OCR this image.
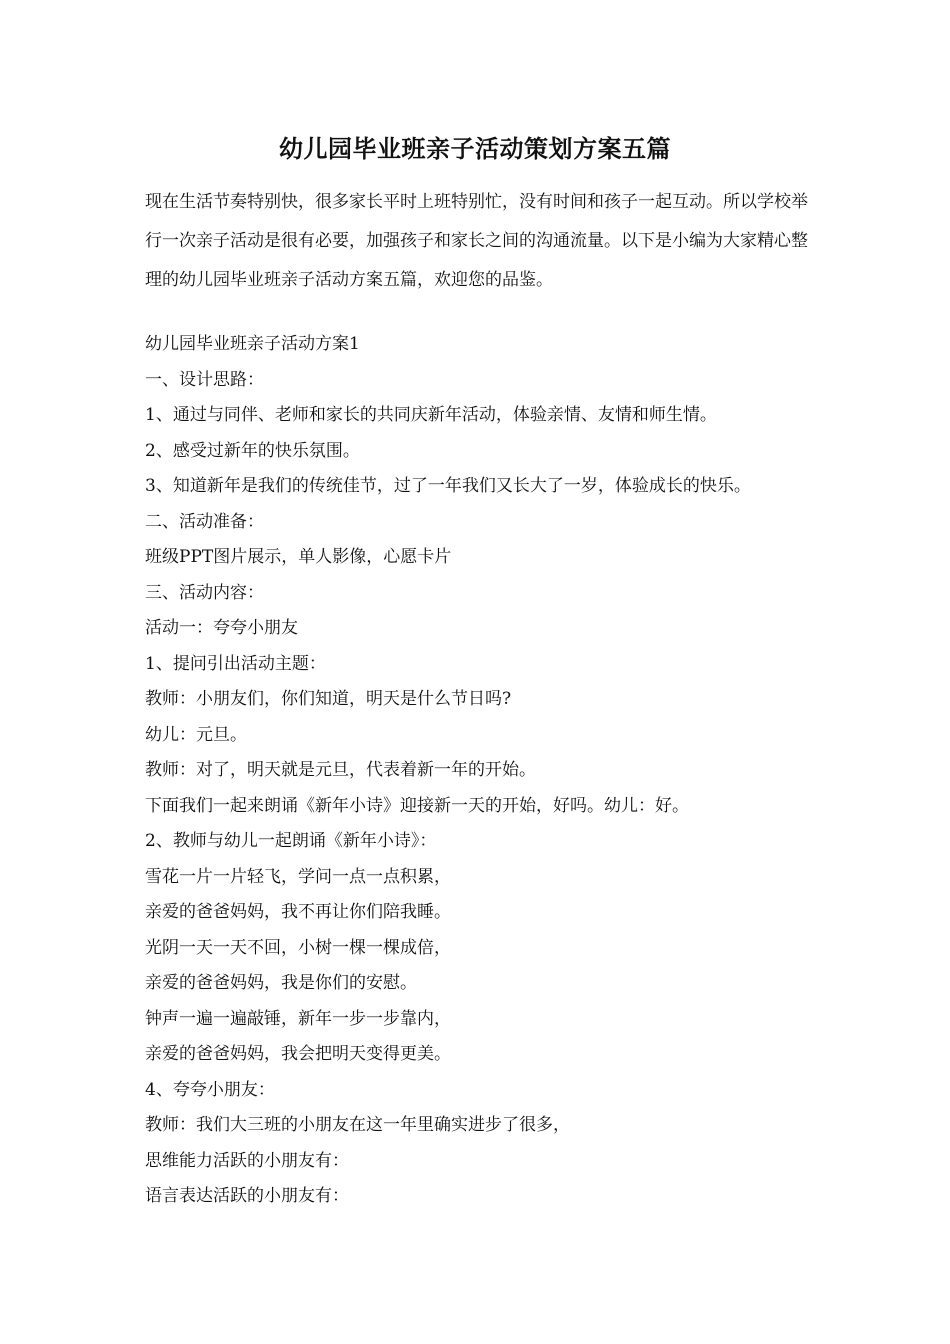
幼儿园毕业班亲子活动策划方案五篇

现在生活节奏特别快，很多家长平时上班特别忙，没有时间和孩子一起互动。所以学校举行一次亲子活动是很有必要，加强孩子和家长之间的沟通流量。以下是小编为大家精心整理的幼儿园毕业班亲子活动方案五篇，欢迎您的品鉴。

幼儿园毕业班亲子活动方案1
一、设计思路：
1、通过与同伴、老师和家长的共同庆新年活动，体验亲情、友情和师生情。
2、感受过新年的快乐氛围。
3、知道新年是我们的传统佳节，过了一年我们又长大了一岁，体验成长的快乐。
二、活动准备：
班级PPT图片展示，单人影像，心愿卡片
三、活动内容：
活动一：夸夸小朋友
1、提问引出活动主题：
教师：小朋友们，你们知道，明天是什么节日吗?
幼儿：元旦。
教师：对了，明天就是元旦，代表着新一年的开始。
下面我们一起来朗诵《新年小诗》迎接新一天的开始，好吗。幼儿：好。
2、教师与幼儿一起朗诵《新年小诗》：
雪花一片一片轻飞，学问一点一点积累，
亲爱的爸爸妈妈，我不再让你们陪我睡。
光阴一天一天不回，小树一棵一棵成倍，
亲爱的爸爸妈妈，我是你们的安慰。
钟声一遍一遍敲锤，新年一步一步靠内，
亲爱的爸爸妈妈，我会把明天变得更美。
4、夸夸小朋友：
教师：我们大三班的小朋友在这一年里确实进步了很多，
思维能力活跃的小朋友有：
语言表达活跃的小朋友有：
